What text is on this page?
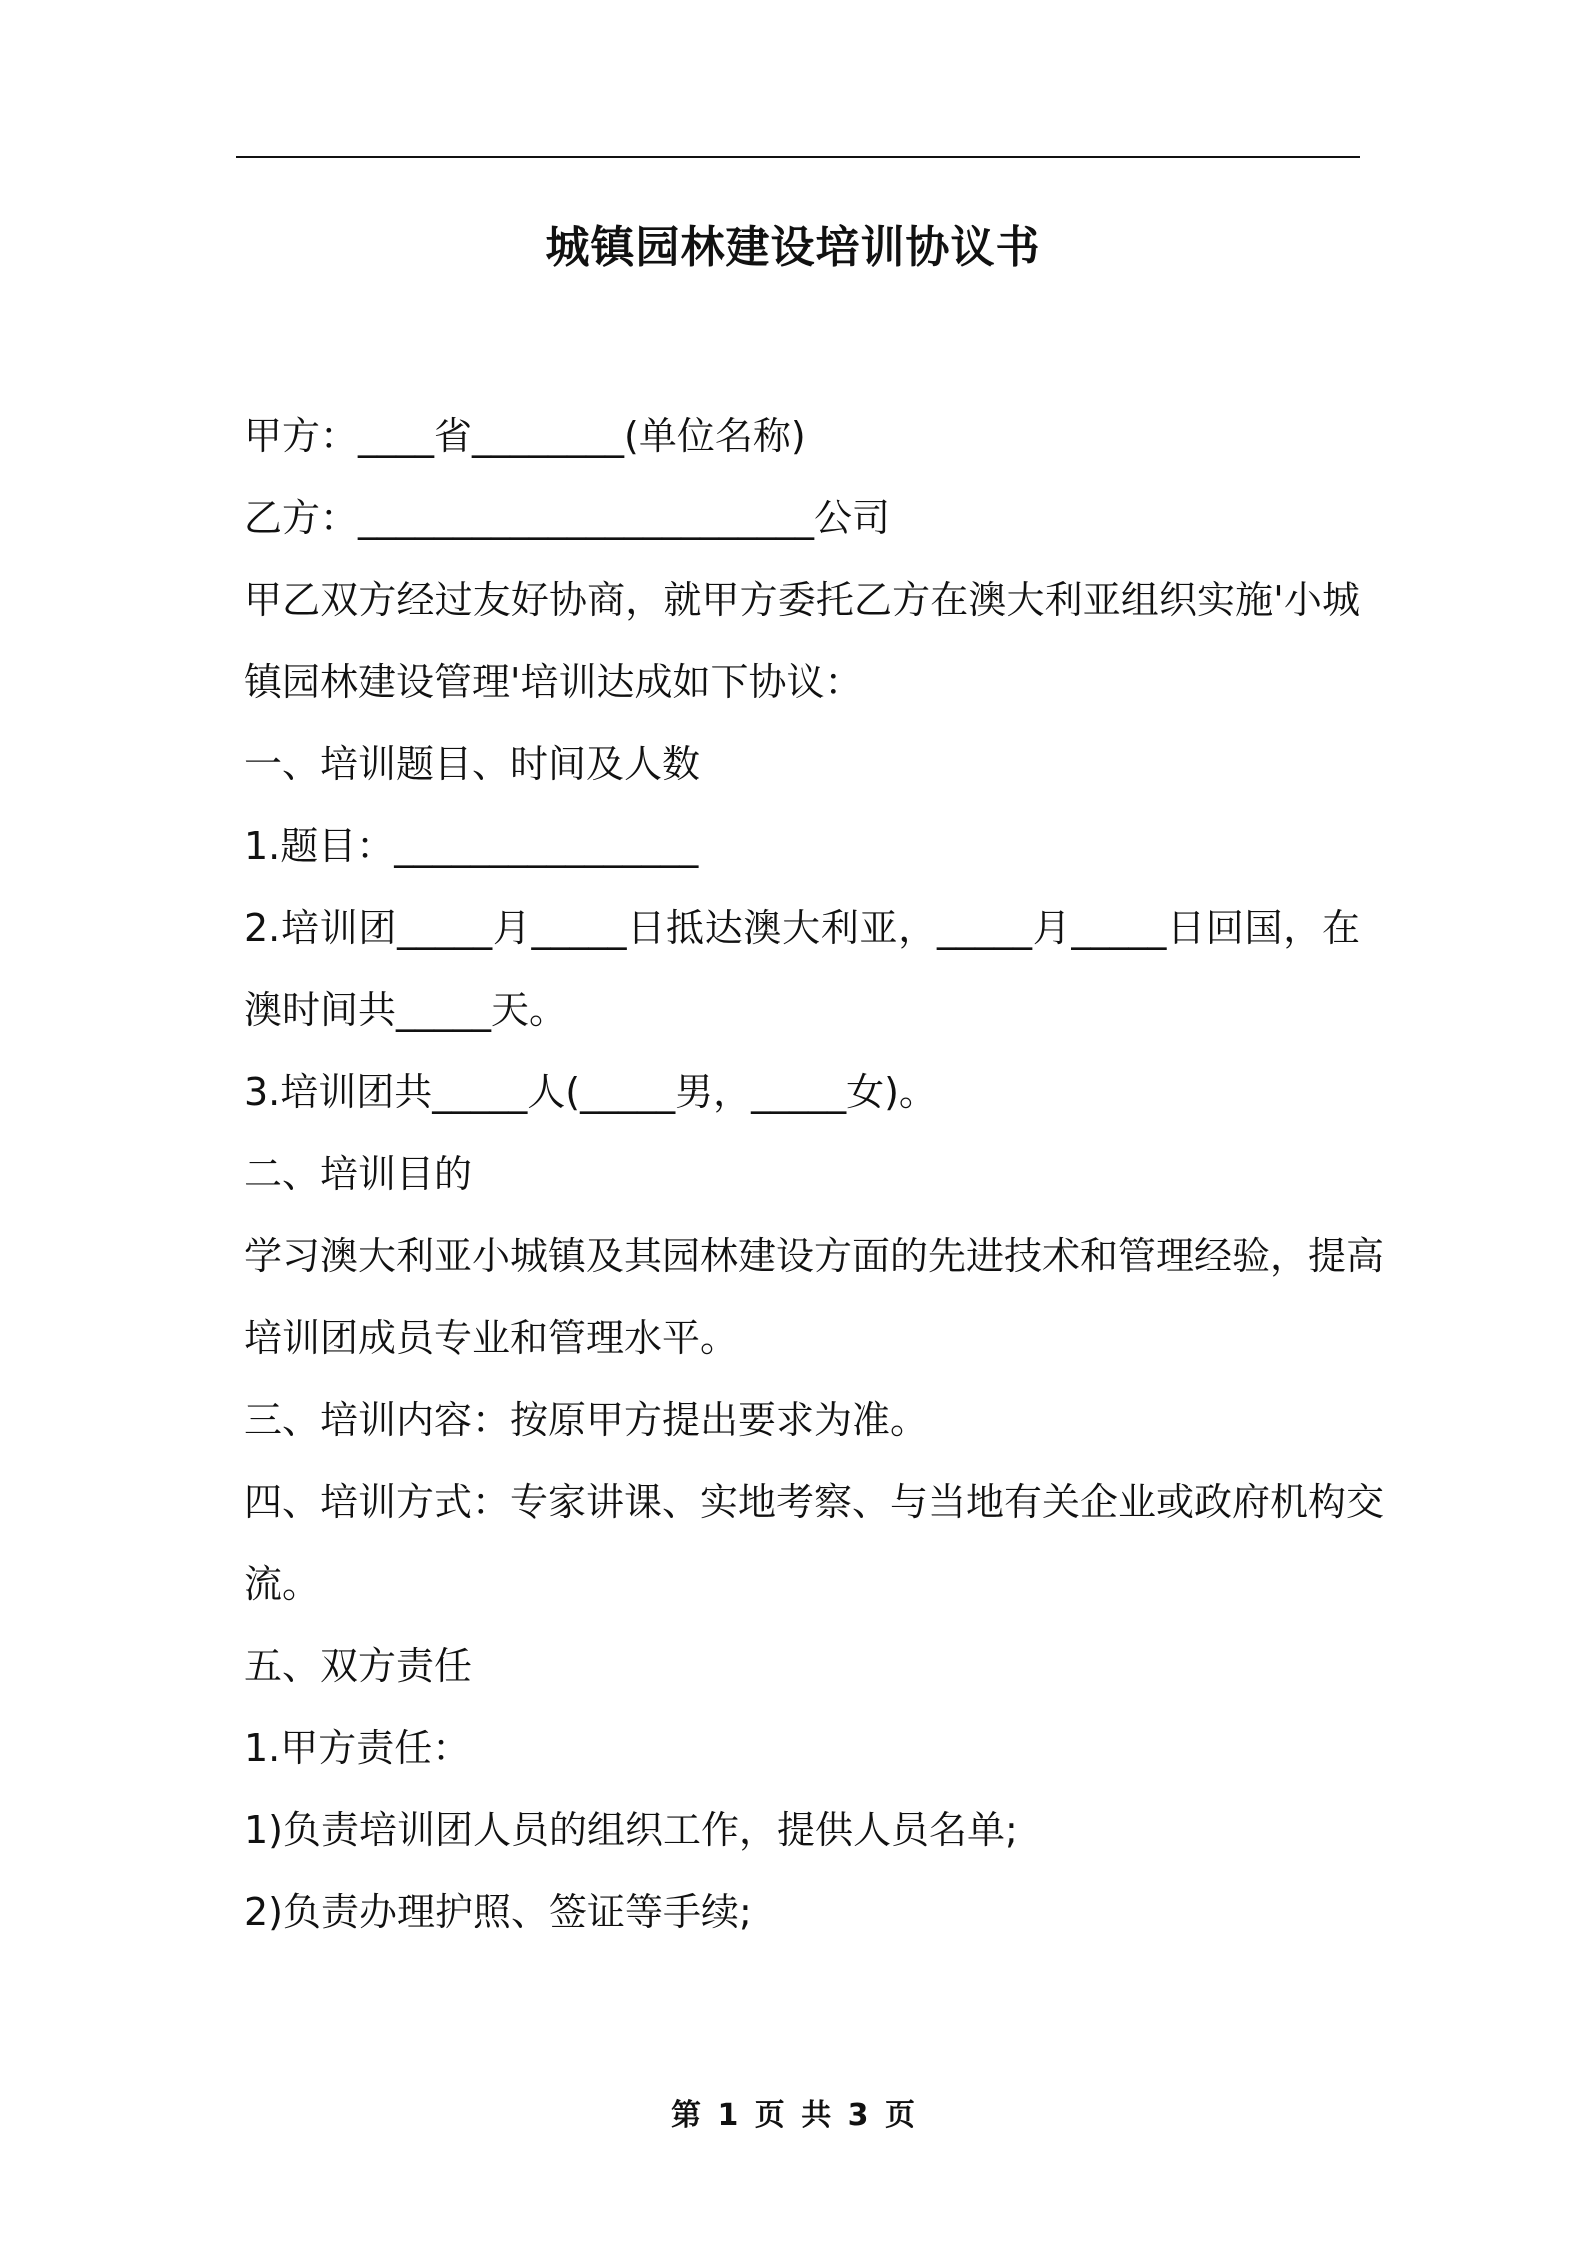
城镇园林建设培训协议书
甲方：____省________(单位名称)
乙方：________________________公司
甲乙双方经过友好协商，就甲方委托乙方在澳大利亚组织实施'小城
镇园林建设管理'培训达成如下协议：
一、培训题目、时间及人数
1.题目：________________
2.培训团_____月_____日抵达澳大利亚，_____月_____日回国，在
澳时间共_____天。
3.培训团共_____人(_____男，_____女)。
二、培训目的
学习澳大利亚小城镇及其园林建设方面的先进技术和管理经验，提高
培训团成员专业和管理水平。
三、培训内容：按原甲方提出要求为准。
四、培训方式：专家讲课、实地考察、与当地有关企业或政府机构交
流。
五、双方责任
1.甲方责任：
1)负责培训团人员的组织工作，提供人员名单;
2)负责办理护照、签证等手续;
第 1 页 共 3 页
